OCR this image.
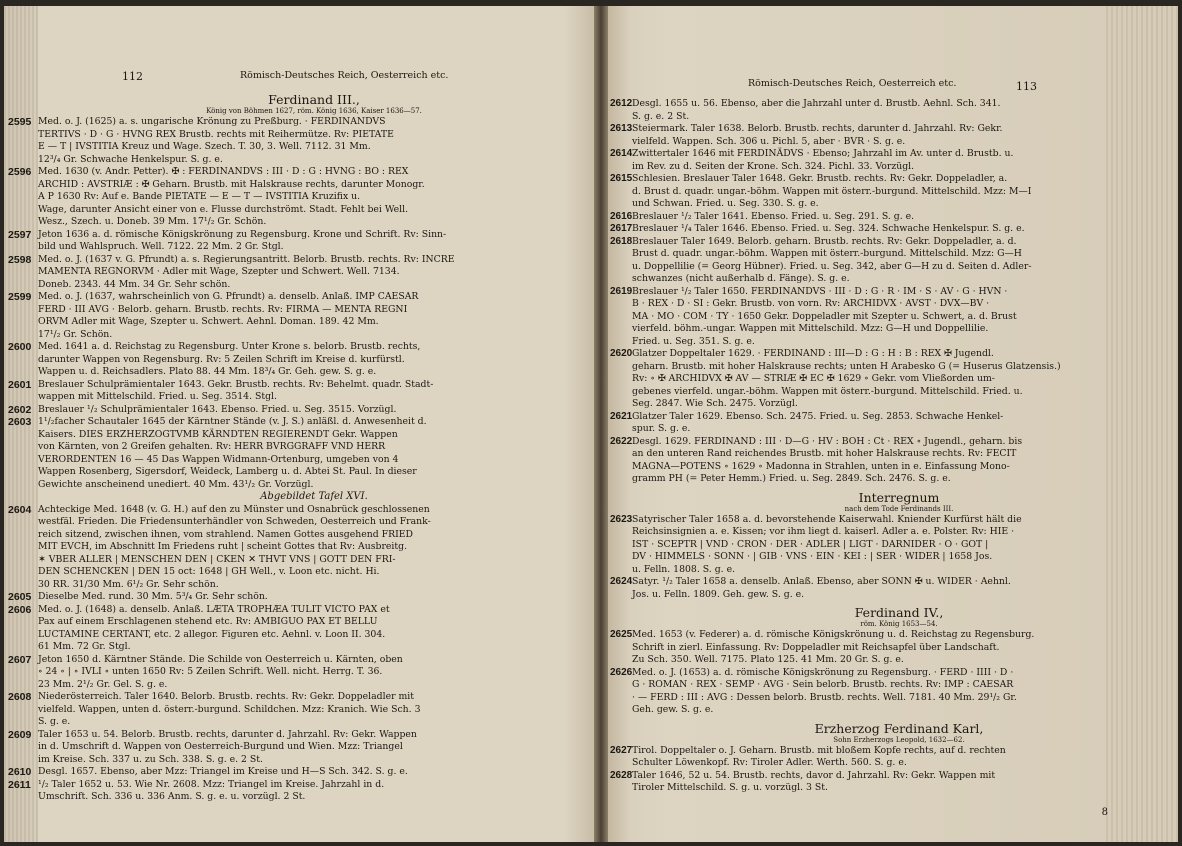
112	Römisch-Deutsches Reich, Oesterreich etc.
Ferdinand III.,
König von Böhmen 1627, röm. König 1636, Kaiser 1636—57.
2595 Med. o. J. (1625) a. s. ungarische Krönung zu Preßburg. · FERDINANDVS
TERTIVS · D · G · HVNG REX Brustb. rechts mit Reihermütze. Rv: PIETATE
E — T | IVSTITIA Kreuz und Wage. Szech. T. 30, 3. Well. 7112. 31 Mm.
12³/₄ Gr. Schwache Henkelspur. S. g. e.
2596 Med. 1630 (v. Andr. Petter). ✠ : FERDINANDVS : III · D : G : HVNG : BO : REX
ARCHID : AVSTRIÆ : ✠ Geharn. Brustb. mit Halskrause rechts, darunter Monogr.
A P 1630 Rv: Auf e. Bande PIETATE — E — T — IVSTITIA Kruzifix u.
Wage, darunter Ansicht einer von e. Flusse durchströmt. Stadt. Fehlt bei Well.
Wesz., Szech. u. Doneb. 39 Mm. 17¹/₂ Gr. Schön.
2597 Jeton 1636 a. d. römische Königskrönung zu Regensburg. Krone und Schrift. Rv: Sinn-
bild und Wahlspruch. Well. 7122. 22 Mm. 2 Gr. Stgl.
2598 Med. o. J. (1637 v. G. Pfrundt) a. s. Regierungsantritt. Belorb. Brustb. rechts. Rv: INCRE
MAMENTA REGNORVM · Adler mit Wage, Szepter und Schwert. Well. 7134.
Doneb. 2343. 44 Mm. 34 Gr. Sehr schön.
2599 Med. o. J. (1637, wahrscheinlich von G. Pfrundt) a. denselb. Anlaß. IMP CAESAR
FERD · III AVG · Belorb. geharn. Brustb. rechts. Rv: FIRMA — MENTA REGNI
ORVM Adler mit Wage, Szepter u. Schwert. Aehnl. Doman. 189. 42 Mm.
17¹/₂ Gr. Schön.
2600 Med. 1641 a. d. Reichstag zu Regensburg. Unter Krone s. belorb. Brustb. rechts,
darunter Wappen von Regensburg. Rv: 5 Zeilen Schrift im Kreise d. kurfürstl.
Wappen u. d. Reichsadlers. Plato 88. 44 Mm. 18³/₄ Gr. Geh. gew. S. g. e.
2601 Breslauer Schulprämientaler 1643. Gekr. Brustb. rechts. Rv: Behelmt. quadr. Stadt-
wappen mit Mittelschild. Fried. u. Seg. 3514. Stgl.
2602 Breslauer ¹/₂ Schulprämientaler 1643. Ebenso. Fried. u. Seg. 3515. Vorzügl.
2603 1¹/₂facher Schautaler 1645 der Kärntner Stände (v. J. S.) anläßl. d. Anwesenheit d.
Kaisers. DIES ERZHERZOGTVMB KÄRNDTEN REGIERENDT Gekr. Wappen
von Kärnten, von 2 Greifen gehalten. Rv: HERR BVRGGRAFF VND HERR
VERORDENTEN 16 — 45 Das Wappen Widmann-Ortenburg, umgeben von 4
Wappen Rosenberg, Sigersdorf, Weideck, Lamberg u. d. Abtei St. Paul. In dieser
Gewichte anscheinend unediert. 40 Mm. 43¹/₂ Gr. Vorzügl.
Abgebildet Tafel XVI.
2604 Achteckige Med. 1648 (v. G. H.) auf den zu Münster und Osnabrück geschlossenen
westfäl. Frieden. Die Friedensunterhändler von Schweden, Oesterreich und Frank-
reich sitzend, zwischen ihnen, vom strahlend. Namen Gottes ausgehend FRIED
MIT EVCH, im Abschnitt Im Friedens ruht | scheint Gottes that Rv: Ausbreitg.
✶ VBER ALLER | MENSCHEN DEN | CKEN ✕ THVT VNS | GOTT DEN FRI-
DEN SCHENCKEN | DEN 15 oct: 1648 | GH Well., v. Loon etc. nicht. Hi.
30 RR. 31/30 Mm. 6¹/₂ Gr. Sehr schön.
2605 Dieselbe Med. rund. 30 Mm. 5³/₄ Gr. Sehr schön.
2606 Med. o. J. (1648) a. denselb. Anlaß. LÆTA TROPHÆA TULIT VICTO PAX et
Pax auf einem Erschlagenen stehend etc. Rv: AMBIGUO PAX ET BELLU
LUCTAMINE CERTANT, etc. 2 allegor. Figuren etc. Aehnl. v. Loon II. 304.
61 Mm. 72 Gr. Stgl.
2607 Jeton 1650 d. Kärntner Stände. Die Schilde von Oesterreich u. Kärnten, oben
∘ 24 ∘ | ∘ IVLI ∘ unten 1650 Rv: 5 Zeilen Schrift. Well. nicht. Herrg. T. 36.
23 Mm. 2¹/₂ Gr. Gel. S. g. e.
2608 Niederösterreich. Taler 1640. Belorb. Brustb. rechts. Rv: Gekr. Doppeladler mit
vielfeld. Wappen, unten d. österr.-burgund. Schildchen. Mzz: Kranich. Wie Sch. 3
S. g. e.
2609 Taler 1653 u. 54. Belorb. Brustb. rechts, darunter d. Jahrzahl. Rv: Gekr. Wappen
in d. Umschrift d. Wappen von Oesterreich-Burgund und Wien. Mzz: Triangel
im Kreise. Sch. 337 u. zu Sch. 338. S. g. e. 2 St.
2610 Desgl. 1657. Ebenso, aber Mzz: Triangel im Kreise und H—S Sch. 342. S. g. e.
2611 ¹/₂ Taler 1652 u. 53. Wie Nr. 2608. Mzz: Triangel im Kreise. Jahrzahl in d.
Umschrift. Sch. 336 u. 336 Anm. S. g. e. u. vorzügl. 2 St.
Römisch-Deutsches Reich, Oesterreich etc.	113
2612 Desgl. 1655 u. 56. Ebenso, aber die Jahrzahl unter d. Brustb. Aehnl. Sch. 341.
S. g. e. 2 St.
2613 Steiermark. Taler 1638. Belorb. Brustb. rechts, darunter d. Jahrzahl. Rv: Gekr.
vielfeld. Wappen. Sch. 306 u. Pichl. 5, aber · BVR · S. g. e.
2614 Zwittertaler 1646 mit FERDINÄDVS · Ebenso; Jahrzahl im Av. unter d. Brustb. u.
im Rev. zu d. Seiten der Krone. Sch. 324. Pichl. 33. Vorzügl.
2615 Schlesien. Breslauer Taler 1648. Gekr. Brustb. rechts. Rv: Gekr. Doppeladler, a.
d. Brust d. quadr. ungar.-böhm. Wappen mit österr.-burgund. Mittelschild. Mzz: M—I
und Schwan. Fried. u. Seg. 330. S. g. e.
2616 Breslauer ¹/₂ Taler 1641. Ebenso. Fried. u. Seg. 291. S. g. e.
2617 Breslauer ¹/₄ Taler 1646. Ebenso. Fried. u. Seg. 324. Schwache Henkelspur. S. g. e.
2618 Breslauer Taler 1649. Belorb. geharn. Brustb. rechts. Rv: Gekr. Doppeladler, a. d.
Brust d. quadr. ungar.-böhm. Wappen mit österr.-burgund. Mittelschild. Mzz: G—H
u. Doppellilie (= Georg Hübner). Fried. u. Seg. 342, aber G—H zu d. Seiten d. Adler-
schwanzes (nicht außerhalb d. Fänge). S. g. e.
2619 Breslauer ¹/₂ Taler 1650. FERDINANDVS · III · D : G · R · IM · S · AV · G · HVN ·
B · REX · D · SI : Gekr. Brustb. von vorn. Rv: ARCHIDVX · AVST · DVX—BV ·
MA · MO · COM · TY · 1650 Gekr. Doppeladler mit Szepter u. Schwert, a. d. Brust
vierfeld. böhm.-ungar. Wappen mit Mittelschild. Mzz: G—H und Doppellilie.
Fried. u. Seg. 351. S. g. e.
2620 Glatzer Doppeltaler 1629. · FERDINAND : III—D : G : H : B : REX ✠ Jugendl.
geharn. Brustb. mit hoher Halskrause rechts; unten H Arabesko G (= Huserus Glatzensis.)
Rv: ∘ ✠ ARCHIDVX ✠ AV — STRIÆ ✠ EC ✠ 1629 ∘ Gekr. vom Vließorden um-
gebenes vierfeld. ungar.-böhm. Wappen mit österr.-burgund. Mittelschild. Fried. u.
Seg. 2847. Wie Sch. 2475. Vorzügl.
2621 Glatzer Taler 1629. Ebenso. Sch. 2475. Fried. u. Seg. 2853. Schwache Henkel-
spur. S. g. e.
2622 Desgl. 1629. FERDINAND : III · D—G · HV : BOH : Ct · REX ∘ Jugendl., geharn. bis
an den unteren Rand reichendes Brustb. mit hoher Halskrause rechts. Rv: FECIT
MAGNA—POTENS ∘ 1629 ∘ Madonna in Strahlen, unten in e. Einfassung Mono-
gramm PH (= Peter Hemm.) Fried. u. Seg. 2849. Sch. 2476. S. g. e.
Interregnum
nach dem Tode Ferdinands III.
2623 Satyrischer Taler 1658 a. d. bevorstehende Kaiserwahl. Kniender Kurfürst hält die
Reichsinsignien a. e. Kissen; vor ihm liegt d. kaiserl. Adler a. e. Polster. Rv: HIE ·
IST · SCEPTR | VND · CRON · DER · ADLER | LIGT · DARNIDER · O · GOT |
DV · HIMMELS · SONN · | GIB · VNS · EIN · KEI : | SER · WIDER | 1658 Jos.
u. Felln. 1808. S. g. e.
2624 Satyr. ¹/₂ Taler 1658 a. denselb. Anlaß. Ebenso, aber SONN ✠ u. WIDER · Aehnl.
Jos. u. Felln. 1809. Geh. gew. S. g. e.
Ferdinand IV.,
röm. König 1653—54.
2625 Med. 1653 (v. Federer) a. d. römische Königskrönung u. d. Reichstag zu Regensburg.
Schrift in zierl. Einfassung. Rv: Doppeladler mit Reichsapfel über Landschaft.
Zu Sch. 350. Well. 7175. Plato 125. 41 Mm. 20 Gr. S. g. e.
2626 Med. o. J. (1653) a. d. römische Königskrönung zu Regensburg. · FERD · IIII · D ·
G · ROMAN · REX · SEMP · AVG · Sein belorb. Brustb. rechts. Rv: IMP : CAESAR
· — FERD : III : AVG : Dessen belorb. Brustb. rechts. Well. 7181. 40 Mm. 29¹/₂ Gr.
Geh. gew. S. g. e.
Erzherzog Ferdinand Karl,
Sohn Erzherzogs Leopold, 1632—62.
2627 Tirol. Doppeltaler o. J. Geharn. Brustb. mit bloßem Kopfe rechts, auf d. rechten
Schulter Löwenkopf. Rv: Tiroler Adler. Werth. 560. S. g. e.
2628 Taler 1646, 52 u. 54. Brustb. rechts, davor d. Jahrzahl. Rv: Gekr. Wappen mit
Tiroler Mittelschild. S. g. u. vorzügl. 3 St.
8
